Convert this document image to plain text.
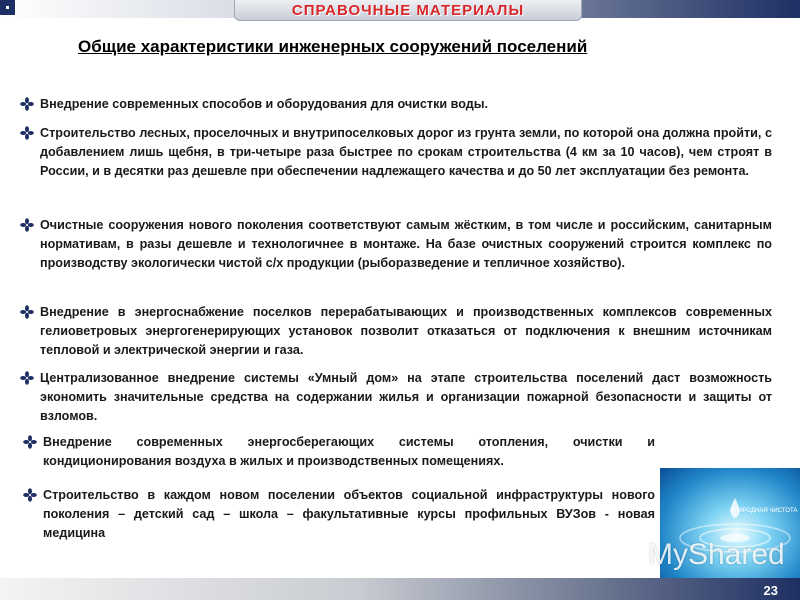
СПРАВОЧНЫЕ МАТЕРИАЛЫ
Общие характеристики инженерных сооружений поселений
Внедрение современных способов и оборудования для очистки воды.
Строительство лесных, проселочных и внутрипоселковых дорог из грунта земли, по которой она должна пройти, с добавлением лишь щебня, в три-четыре раза быстрее по срокам строительства (4 км за 10 часов), чем строят в России, и в десятки раз дешевле при обеспечении надлежащего качества и до 50 лет эксплуатации без ремонта.
Очистные сооружения нового поколения соответствуют самым жёстким, в том числе и российским, санитарным нормативам, в разы дешевле и технологичнее в монтаже. На базе очистных сооружений строится комплекс по производству экологически чистой с/х продукции (рыборазведение и тепличное хозяйство).
Внедрение в энергоснабжение поселков перерабатывающих и производственных комплексов современных гелиоветровых энергогенерирующих установок позволит отказаться от подключения к внешним источникам тепловой и электрической энергии и газа.
Централизованное внедрение системы «Умный дом» на этапе строительства поселений даст возможность экономить значительные средства на содержании жилья и организации пожарной безопасности и защиты от взломов.
Внедрение современных энергосберегающих системы отопления, очистки и кондиционирования воздуха в жилых и производственных помещениях.
Строительство в каждом новом поселении объектов социальной инфраструктуры нового поколения – детский сад – школа – факультативные курсы профильных ВУЗов - новая медицина
ПРИРОДНАЯ ЧИСТОТА
MyShared
23
